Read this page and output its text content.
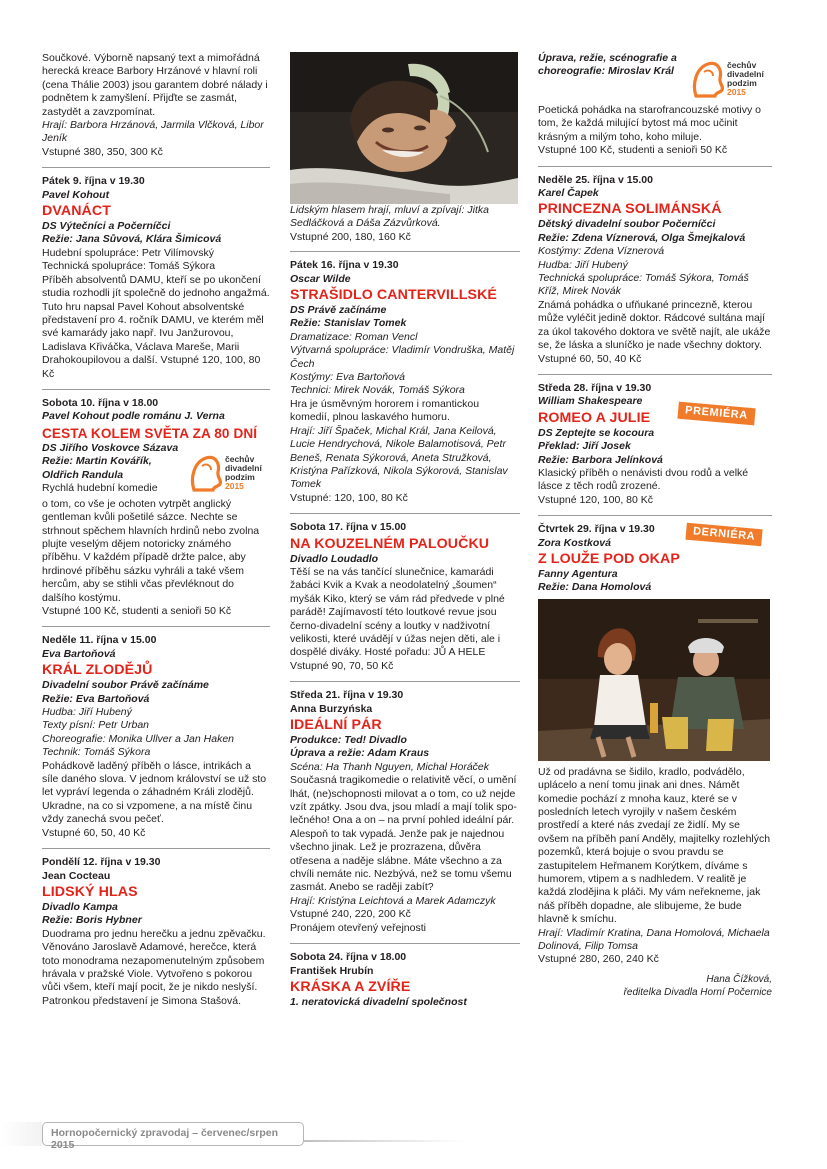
Součkové. Výborně napsaný text a mimořádná herecká kreace Barbory Hrzánové v hlavní roli (cena Thálie 2003) jsou garantem dobré nálady i podnětem k zamyšlení. Přijďte se zasmát, zastydět a zavzpomínat.
Hrají: Barbora Hrzánová, Jarmila Vlčková, Libor Jeník
Vstupné 380, 350, 300 Kč
Pátek 9. října v 19.30
Pavel Kohout
DVANÁCT
DS Výtečníci a Počerníčci
Režie: Jana Sůvová, Klára Šimicová
Hudební spolupráce: Petr Vilímovský
Technická spolupráce: Tomáš Sýkora
Příběh absolventů DAMU, kteří se po ukončení studia rozhodli jít společně do jednoho angažmá. Tuto hru napsal Pavel Kohout absolventské představení pro 4. ročník DAMU, ve kterém měl své kamarády jako např. Ivu Janžurovou, Ladislava Křiváčka, Václava Mareše, Marii Drahokoupilovou a další. Vstupné 120, 100, 80 Kč
Sobota 10. října v 18.00
Pavel Kohout podle románu J. Verna
CESTA KOLEM SVĚTA ZA 80 DNÍ
DS Jiřího Voskovce Sázava
Režie: Martin Kovářík, Oldřich Randula
Rychlá hudební komedie
čechův
divadelní
podzim
2015
o tom, co vše je ochoten vytrpět anglický gentleman kvůli pošetilé sázce. Nechte se strhnout spěchem hlavních hrdinů nebo zvolna plujte veselým dějem notoricky známého příběhu. V každém případě držte palce, aby hrdinové příběhu sázku vyhráli a také všem hercům, aby se stihli včas převléknout do dalšího kostýmu.
Vstupné 100 Kč, studenti a senioři 50 Kč
Neděle 11. října v 15.00
Eva Bartoňová
KRÁL ZLODĚJŮ
Divadelní soubor Právě začínáme
Režie: Eva Bartoňová
Hudba: Jiří Hubený
Texty písní: Petr Urban
Choreografie: Monika Ullver a Jan Haken
Technik: Tomáš Sýkora
Pohádkově laděný příběh o lásce, intrikách a síle daného slova. V jednom království se už sto let vypráví legenda o záhadném Králi zlodějů. Ukradne, na co si vzpomene, a na místě činu vždy zanechá svou pečeť.
Vstupné 60, 50, 40 Kč
Pondělí 12. října v 19.30
Jean Cocteau
LIDSKÝ HLAS
Divadlo Kampa
Režie: Boris Hybner
Duodrama pro jednu herečku a jednu zpěvačku. Věnováno Jaroslavě Adamové, herečce, která toto monodrama nezapomenutelným způsobem hrávala v pražské Viole. Vytvořeno s pokorou vůči všem, kteří mají pocit, že je nikdo neslyší. Patronkou představení je Simona Stašová.
Lidským hlasem hrají, mluví a zpívají: Jitka Sedláčková a Dáša Zázvůrková.
Vstupné 200, 180, 160 Kč
Pátek 16. října v 19.30
Oscar Wilde
STRAŠIDLO CANTERVILLSKÉ
DS Právě začínáme
Režie: Stanislav Tomek
Dramatizace: Roman Vencl
Výtvarná spolupráce: Vladimír Vondruška, Matěj Čech
Kostýmy: Eva Bartoňová
Technici: Mirek Novák, Tomáš Sýkora
Hra je úsměvným hororem i romantickou komedií, plnou laskavého humoru.
Hrají: Jiří Špaček, Michal Král, Jana Keilová, Lucie Hendrychová, Nikole Balamotisová, Petr Beneš, Renata Sýkorová, Aneta Stružková, Kristýna Pařízková, Nikola Sýkorová, Stanislav Tomek
Vstupné: 120, 100, 80 Kč
Sobota 17. října v 15.00
NA KOUZELNÉM PALOUČKU
Divadlo Loudadlo
Těší se na vás tančící slunečnice, kamarádi žabáci Kvik a Kvak a neodolatelný „šoumen“ myšák Kiko, který se vám rád předvede v plné parádě! Zajímavostí této loutkové revue jsou černo-divadelní scény a loutky v nadživotní velikosti, které uvádějí v úžas nejen děti, ale i dospělé diváky. Hosté pořadu: JŮ A HELE
Vstupné 90, 70, 50 Kč
Středa 21. října v 19.30
Anna Burzyńska
IDEÁLNÍ PÁR
Produkce: Ted! Divadlo
Úprava a režie: Adam Kraus
Scéna: Ha Thanh Nguyen, Michal Horáček
Současná tragikomedie o relativitě věcí, o umění lhát, (ne)schopnosti milovat a o tom, co už nejde vzít zpátky. Jsou dva, jsou mladí a mají tolik společného! Ona a on – na první pohled ideální pár. Alespoň to tak vypadá. Jenže pak je najednou všechno jinak. Lež je prozrazena, důvěra otřesena a naděje slábne. Máte všechno a za chvíli nemáte nic. Nezbývá, než se tomu všemu zasmát. Anebo se raději zabít?
Hrají: Kristýna Leichtová a Marek Adamczyk
Vstupné 240, 220, 200 Kč
Pronájem otevřený veřejnosti
Sobota 24. října v 18.00
František Hrubín
KRÁSKA A ZVÍŘE
1. neratovická divadelní společnost
Úprava, režie, scénografie a choreografie: Miroslav Král
čechův
divadelní
podzim
2015
Poetická pohádka na starofrancouzské motivy o tom, že každá milující bytost má moc učinit krásným a milým toho, koho miluje.
Vstupné 100 Kč, studenti a senioři 50 Kč
Neděle 25. října v 15.00
Karel Čapek
PRINCEZNA SOLIMÁNSKÁ
Dětský divadelní soubor Počerníčci
Režie: Zdena Víznerová, Olga Šmejkalová
Kostýmy: Zdena Víznerová
Hudba: Jiří Hubený
Technická spolupráce: Tomáš Sýkora, Tomáš Kříž, Mirek Novák
Známá pohádka o ufňukané princezně, kterou může vyléčit jedině doktor. Rádcové sultána mají za úkol takového doktora ve světě najít, ale ukáže se, že láska a sluníčko je nade všechny doktory.
Vstupné 60, 50, 40 Kč
PREMIÉRA
Středa 28. října v 19.30
William Shakespeare
ROMEO A JULIE
DS Zeptejte se kocoura
Překlad: Jiří Josek
Režie: Barbora Jelínková
Klasický příběh o nenávisti dvou rodů a velké lásce z těch rodů zrozené.
Vstupné 120, 100, 80 Kč
DERNIÉRA
Čtvrtek 29. října v 19.30
Zora Kostková
Z LOUŽE POD OKAP
Fanny Agentura
Režie: Dana Homolová
Už od pradávna se šidilo, kradlo, podvádělo, uplácelo a není tomu jinak ani dnes. Námět komedie pochází z mnoha kauz, které se v posledních letech vyrojily v našem českém prostředí a které nás zvedají ze židlí. My se ovšem na příběh paní Anděly, majitelky rozlehlých pozemků, která bojuje o svou pravdu se zastupitelem Heřmanem Korýtkem, díváme s humorem, vtipem a s nadhledem. V realitě je každá zlodějina k pláči. My vám neřekneme, jak náš příběh dopadne, ale slibujeme, že bude hlavně k smíchu.
Hrají: Vladimír Kratina, Dana Homolová, Michaela Dolinová, Filip Tomsa
Vstupné 280, 260, 240 Kč
Hana Čížková,
ředitelka Divadla Horní Počernice
Hornopočernický zpravodaj – červenec/srpen 2015
